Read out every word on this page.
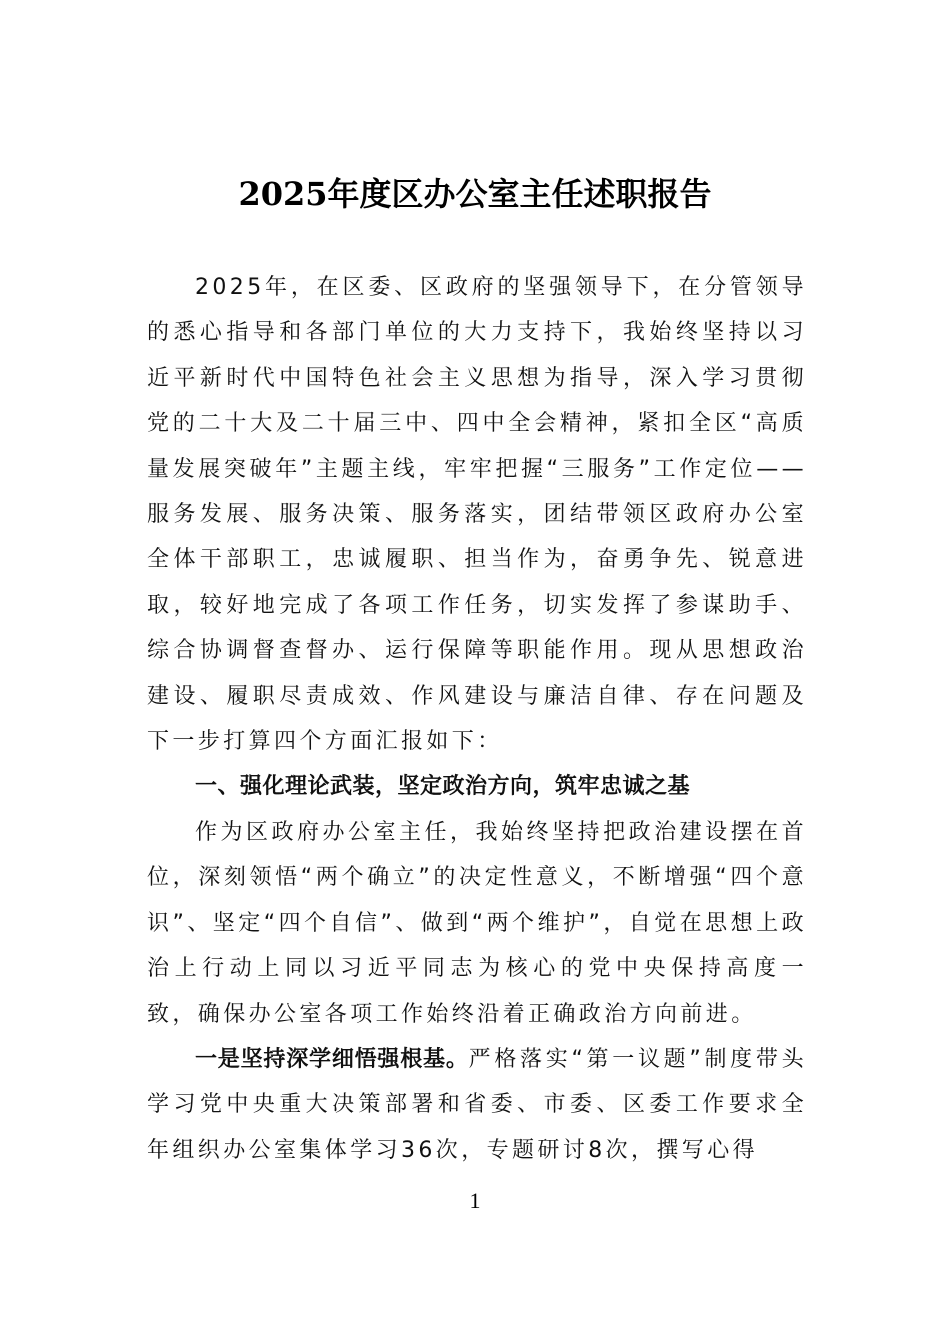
2025年度区办公室主任述职报告

2025年，在区委、区政府的坚强领导下，在分管领导的悉心指导和各部门单位的大力支持下，我始终坚持以习近平新时代中国特色社会主义思想为指导，深入学习贯彻党的二十大及二十届三中、四中全会精神，紧扣全区“高质量发展突破年”主题主线，牢牢把握“三服务”工作定位——服务发展、服务决策、服务落实，团结带领区政府办公室全体干部职工，忠诚履职、担当作为，奋勇争先、锐意进取，较好地完成了各项工作任务，切实发挥了参谋助手、综合协调督查督办、运行保障等职能作用。现从思想政治建设、履职尽责成效、作风建设与廉洁自律、存在问题及下一步打算四个方面汇报如下：

一、强化理论武装，坚定政治方向，筑牢忠诚之基

作为区政府办公室主任，我始终坚持把政治建设摆在首位，深刻领悟“两个确立”的决定性意义，不断增强“四个意识”、坚定“四个自信”、做到“两个维护”，自觉在思想上政治上行动上同以习近平同志为核心的党中央保持高度一致，确保办公室各项工作始终沿着正确政治方向前进。

一是坚持深学细悟强根基。严格落实“第一议题”制度带头学习党中央重大决策部署和省委、市委、区委工作要求全年组织办公室集体学习36次，专题研讨8次，撰写心得

1
